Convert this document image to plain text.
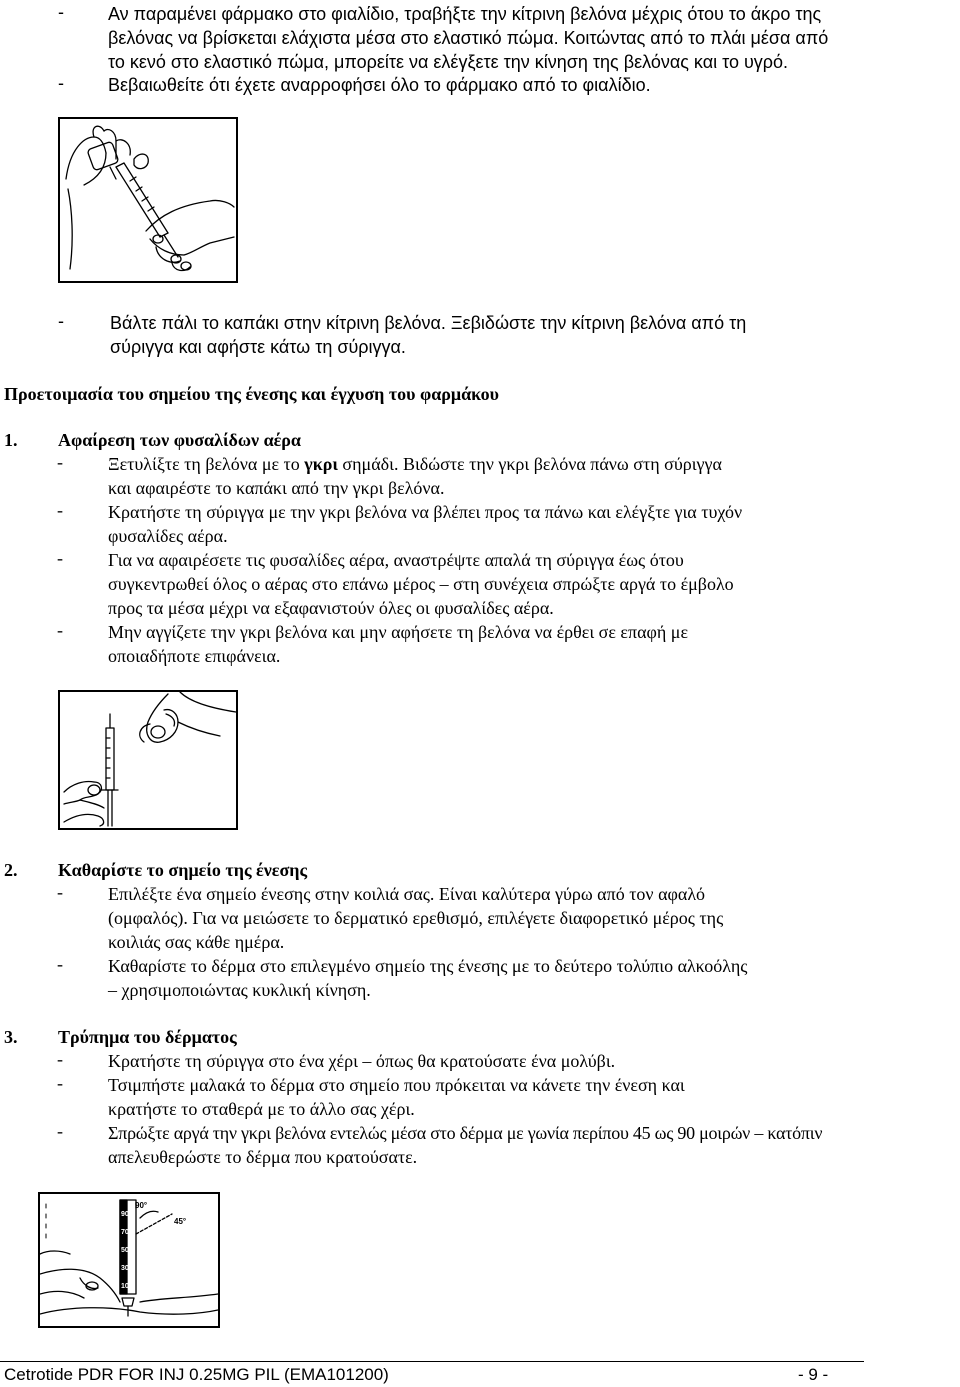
- Αν παραμένει φάρμακο στο φιαλίδιο, τραβήξτε την κίτρινη βελόνα μέχρις ότου το άκρο της
βελόνας να βρίσκεται ελάχιστα μέσα στο ελαστικό πώμα. Κοιτώντας από το πλάι μέσα από
το κενό στο ελαστικό πώμα, μπορείτε να ελέγξετε την κίνηση της βελόνας και το υγρό.
- Βεβαιωθείτε ότι έχετε αναρροφήσει όλο το φάρμακο από το φιαλίδιο.
-	Βάλτε πάλι το καπάκι στην κίτρινη βελόνα. Ξεβιδώστε την κίτρινη βελόνα από τη
σύριγγα και αφήστε κάτω τη σύριγγα.
Προετοιμασία του σημείου της ένεσης και έγχυση του φαρμάκου
1. Αφαίρεση των φυσαλίδων αέρα
-	Ξετυλίξτε τη βελόνα με το γκρι σημάδι. Βιδώστε την γκρι βελόνα πάνω στη σύριγγα
και αφαιρέστε το καπάκι από την γκρι βελόνα.
-	Κρατήστε τη σύριγγα με την γκρι βελόνα να βλέπει προς τα πάνω και ελέγξτε για τυχόν
φυσαλίδες αέρα.
-	Για να αφαιρέσετε τις φυσαλίδες αέρα, αναστρέψτε απαλά τη σύριγγα έως ότου
συγκεντρωθεί όλος ο αέρας στο επάνω μέρος – στη συνέχεια σπρώξτε αργά το έμβολο
προς τα μέσα μέχρι να εξαφανιστούν όλες οι φυσαλίδες αέρα.
-	Μην αγγίζετε την γκρι βελόνα και μην αφήσετε τη βελόνα να έρθει σε επαφή με
οποιαδήποτε επιφάνεια.
2. Καθαρίστε το σημείο της ένεσης
-	Επιλέξτε ένα σημείο ένεσης στην κοιλιά σας. Είναι καλύτερα γύρω από τον αφαλό
(ομφαλός). Για να μειώσετε το δερματικό ερεθισμό, επιλέγετε διαφορετικό μέρος της
κοιλιάς σας κάθε ημέρα.
-	Καθαρίστε το δέρμα στο επιλεγμένο σημείο της ένεσης με το δεύτερο τολύπιο αλκοόλης
– χρησιμοποιώντας κυκλική κίνηση.
3. Τρύπημα του δέρματος
-	Κρατήστε τη σύριγγα στο ένα χέρι – όπως θα κρατούσατε ένα μολύβι.
-	Τσιμπήστε μαλακά το δέρμα στο σημείο που πρόκειται να κάνετε την ένεση και
κρατήστε το σταθερά με το άλλο σας χέρι.
-	Σπρώξτε αργά την γκρι βελόνα εντελώς μέσα στο δέρμα με γωνία περίπου 45 ως 90 μοιρών – κατόπιν
απελευθερώστε το δέρμα που κρατούσατε.
90°
45°
90
70
50
30
10
Cetrotide PDR FOR INJ 0.25MG PIL (EMA101200)	- 9 -
